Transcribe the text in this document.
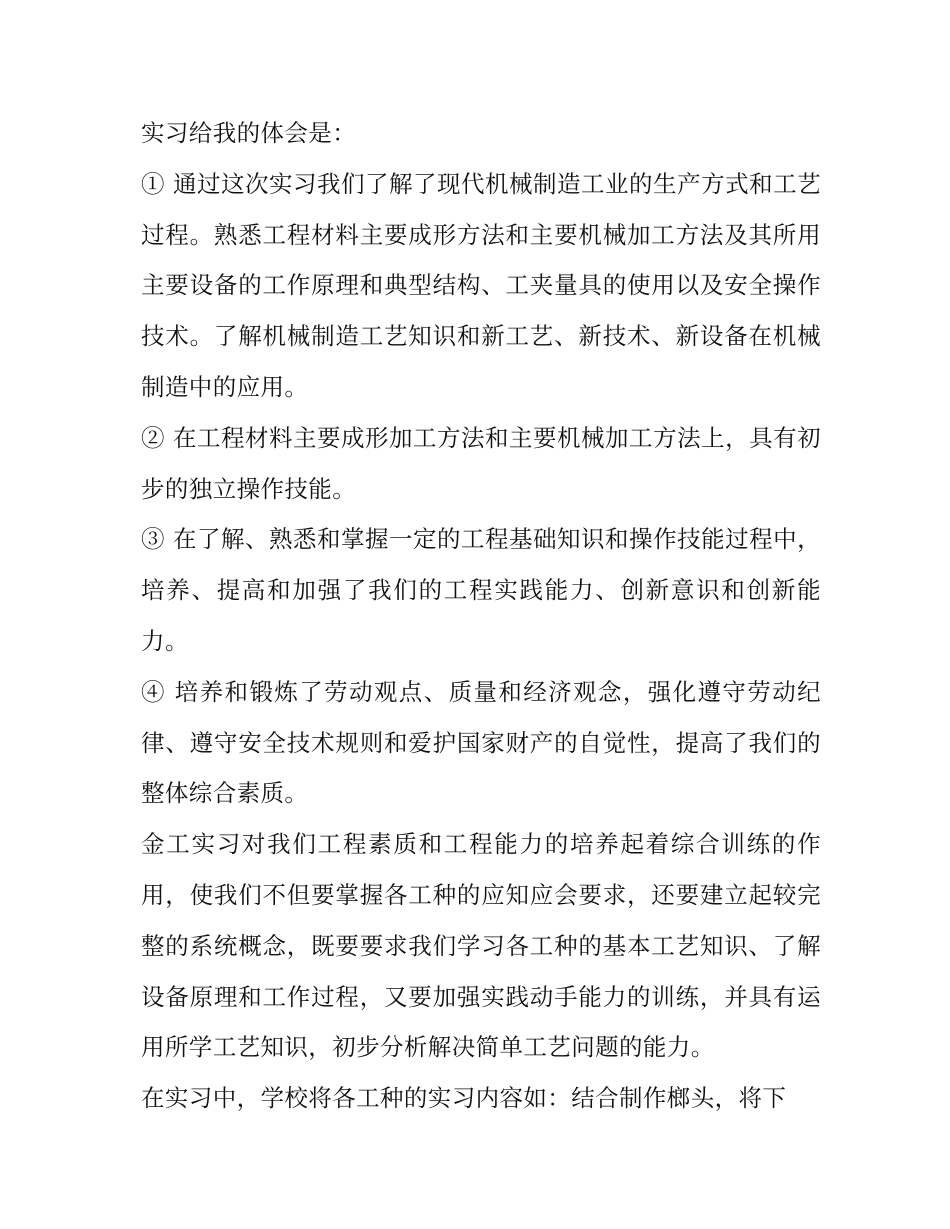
实习给我的体会是：

① 通过这次实习我们了解了现代机械制造工业的生产方式和工艺过程。熟悉工程材料主要成形方法和主要机械加工方法及其所用主要设备的工作原理和典型结构、工夹量具的使用以及安全操作技术。了解机械制造工艺知识和新工艺、新技术、新设备在机械制造中的应用。

② 在工程材料主要成形加工方法和主要机械加工方法上，具有初步的独立操作技能。

③ 在了解、熟悉和掌握一定的工程基础知识和操作技能过程中，培养、提高和加强了我们的工程实践能力、创新意识和创新能力。

④ 培养和锻炼了劳动观点、质量和经济观念，强化遵守劳动纪律、遵守安全技术规则和爱护国家财产的自觉性，提高了我们的整体综合素质。

金工实习对我们工程素质和工程能力的培养起着综合训练的作用，使我们不但要掌握各工种的应知应会要求，还要建立起较完整的系统概念，既要要求我们学习各工种的基本工艺知识、了解设备原理和工作过程，又要加强实践动手能力的训练，并具有运用所学工艺知识，初步分析解决简单工艺问题的能力。

在实习中，学校将各工种的实习内容如：结合制作榔头，将下
